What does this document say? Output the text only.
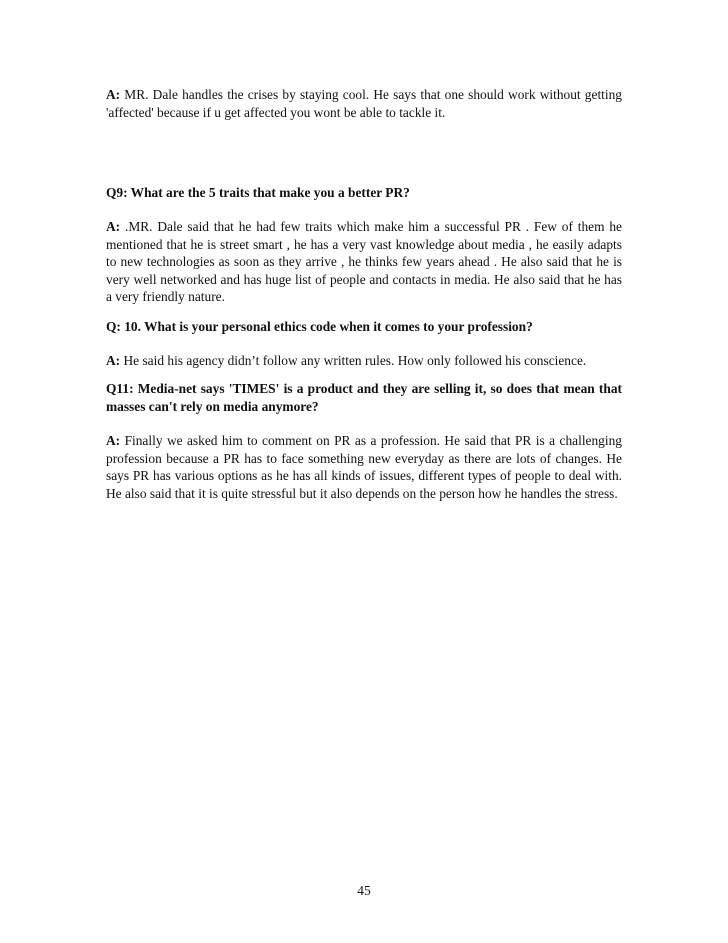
A: MR. Dale handles the crises by staying cool. He says that one should work without getting 'affected' because if u get affected you wont be able to tackle it.

Q9: What are the 5 traits that make you a better PR?

A: .MR. Dale said that he had few traits which make him a successful PR . Few of them he mentioned that he is street smart , he has a very vast knowledge about media , he easily adapts to new technologies as soon as they arrive , he thinks few years ahead . He also said that he is very well networked and has huge list of people and contacts in media. He also said that he has a very friendly nature.

Q: 10. What is your personal ethics code when it comes to your profession?

A: He said his agency didn’t follow any written rules. How only followed his conscience.

Q11: Media-net says 'TIMES' is a product and they are selling it, so does that mean that masses can't rely on media anymore?

A: Finally we asked him to comment on PR as a profession. He said that PR is a challenging profession because a PR has to face something new everyday as there are lots of changes. He says PR has various options as he has all kinds of issues, different types of people to deal with. He also said that it is quite stressful but it also depends on the person how he handles the stress.

45
